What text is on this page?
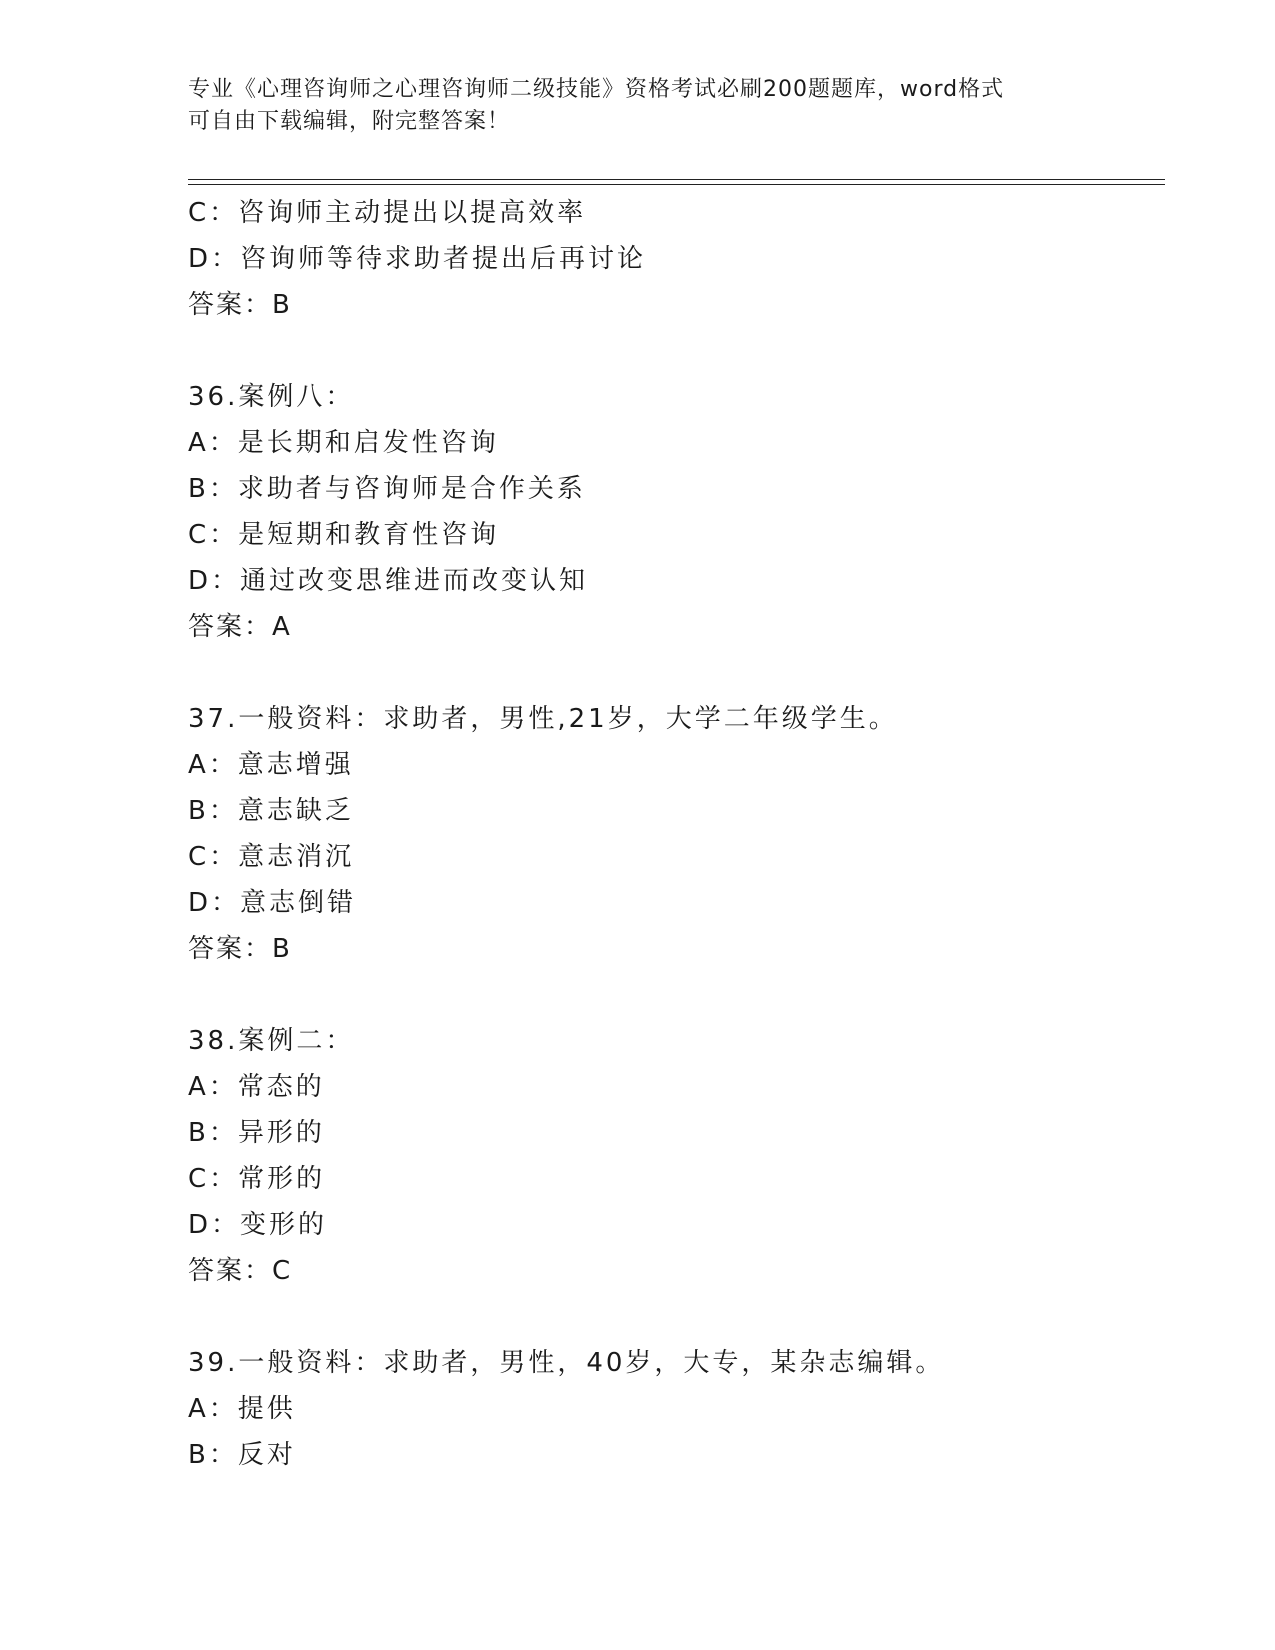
专业《心理咨询师之心理咨询师二级技能》资格考试必刷200题题库，word格式
可自由下载编辑，附完整答案！
C：咨询师主动提出以提高效率
D：咨询师等待求助者提出后再讨论
答案：B
36.案例八：
A：是长期和启发性咨询
B：求助者与咨询师是合作关系
C：是短期和教育性咨询
D：通过改变思维进而改变认知
答案：A
37.一般资料：求助者，男性,21岁，大学二年级学生。
A：意志增强
B：意志缺乏
C：意志消沉
D：意志倒错
答案：B
38.案例二：
A：常态的
B：异形的
C：常形的
D：变形的
答案：C
39.一般资料：求助者，男性，40岁，大专，某杂志编辑。
A：提供
B：反对
